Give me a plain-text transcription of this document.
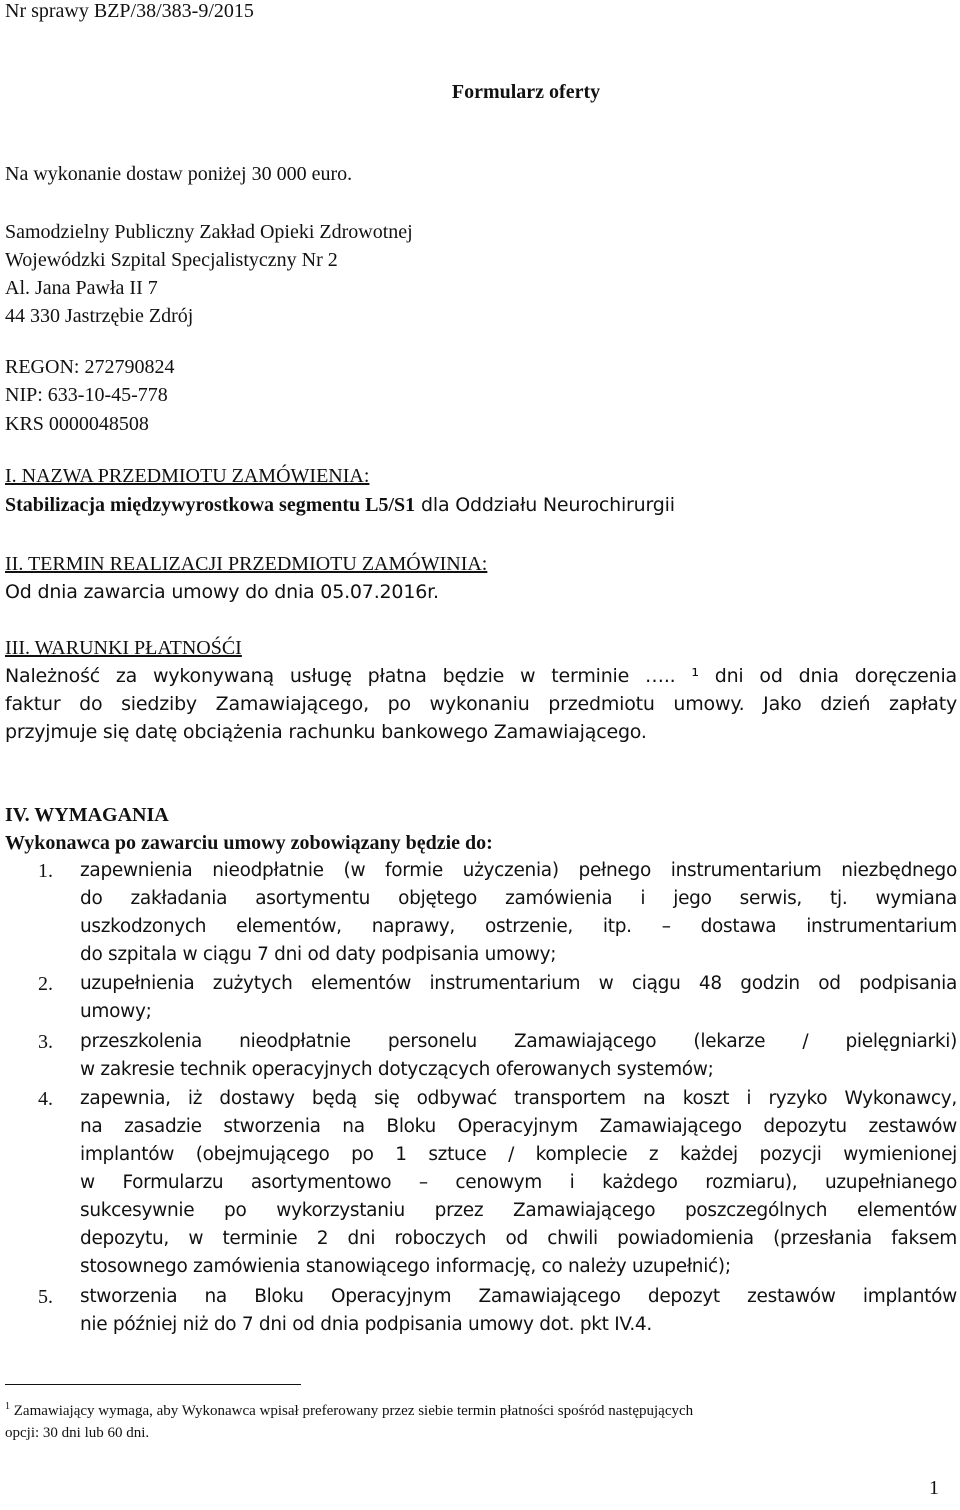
Nr sprawy BZP/38/383-9/2015
Formularz oferty
Na wykonanie dostaw poniżej 30 000 euro.
Samodzielny Publiczny Zakład Opieki Zdrowotnej
Wojewódzki Szpital Specjalistyczny Nr 2
Al. Jana Pawła II 7
44 330 Jastrzębie Zdrój
REGON: 272790824
NIP: 633-10-45-778
KRS 0000048508
I. NAZWA PRZEDMIOTU ZAMÓWIENIA:
Stabilizacja międzywyrostkowa segmentu L5/S1 dla Oddziału Neurochirurgii
II. TERMIN REALIZACJI PRZEDMIOTU ZAMÓWINIA:
Od dnia zawarcia umowy do dnia 05.07.2016r.
III. WARUNKI PŁATNOŚĆI
Należność za wykonywaną usługę płatna będzie w terminie ….. ¹ dni od dnia doręczenia
faktur do siedziby Zamawiającego, po wykonaniu przedmiotu umowy. Jako dzień zapłaty
przyjmuje się datę obciążenia rachunku bankowego Zamawiającego.
IV. WYMAGANIA
Wykonawca po zawarciu umowy zobowiązany będzie do:
1. zapewnienia nieodpłatnie (w formie użyczenia) pełnego instrumentarium niezbędnego
do zakładania asortymentu objętego zamówienia i jego serwis, tj. wymiana
uszkodzonych elementów, naprawy, ostrzenie, itp. – dostawa instrumentarium
do szpitala w ciągu 7 dni od daty podpisania umowy;
2. uzupełnienia zużytych elementów instrumentarium w ciągu 48 godzin od podpisania
umowy;
3. przeszkolenia nieodpłatnie personelu Zamawiającego (lekarze / pielęgniarki)
w zakresie technik operacyjnych dotyczących oferowanych systemów;
4. zapewnia, iż dostawy będą się odbywać transportem na koszt i ryzyko Wykonawcy,
na zasadzie stworzenia na Bloku Operacyjnym Zamawiającego depozytu zestawów
implantów (obejmującego po 1 sztuce / komplecie z każdej pozycji wymienionej
w Formularzu asortymentowo – cenowym i każdego rozmiaru), uzupełnianego
sukcesywnie po wykorzystaniu przez Zamawiającego poszczególnych elementów
depozytu, w terminie 2 dni roboczych od chwili powiadomienia (przesłania faksem
stosownego zamówienia stanowiącego informację, co należy uzupełnić);
5. stworzenia na Bloku Operacyjnym Zamawiającego depozyt zestawów implantów
nie później niż do 7 dni od dnia podpisania umowy dot. pkt IV.4.
$^1$ Zamawiający wymaga, aby Wykonawca wpisał preferowany przez siebie termin płatności spośród następujących
opcji: 30 dni lub 60 dni.
1
